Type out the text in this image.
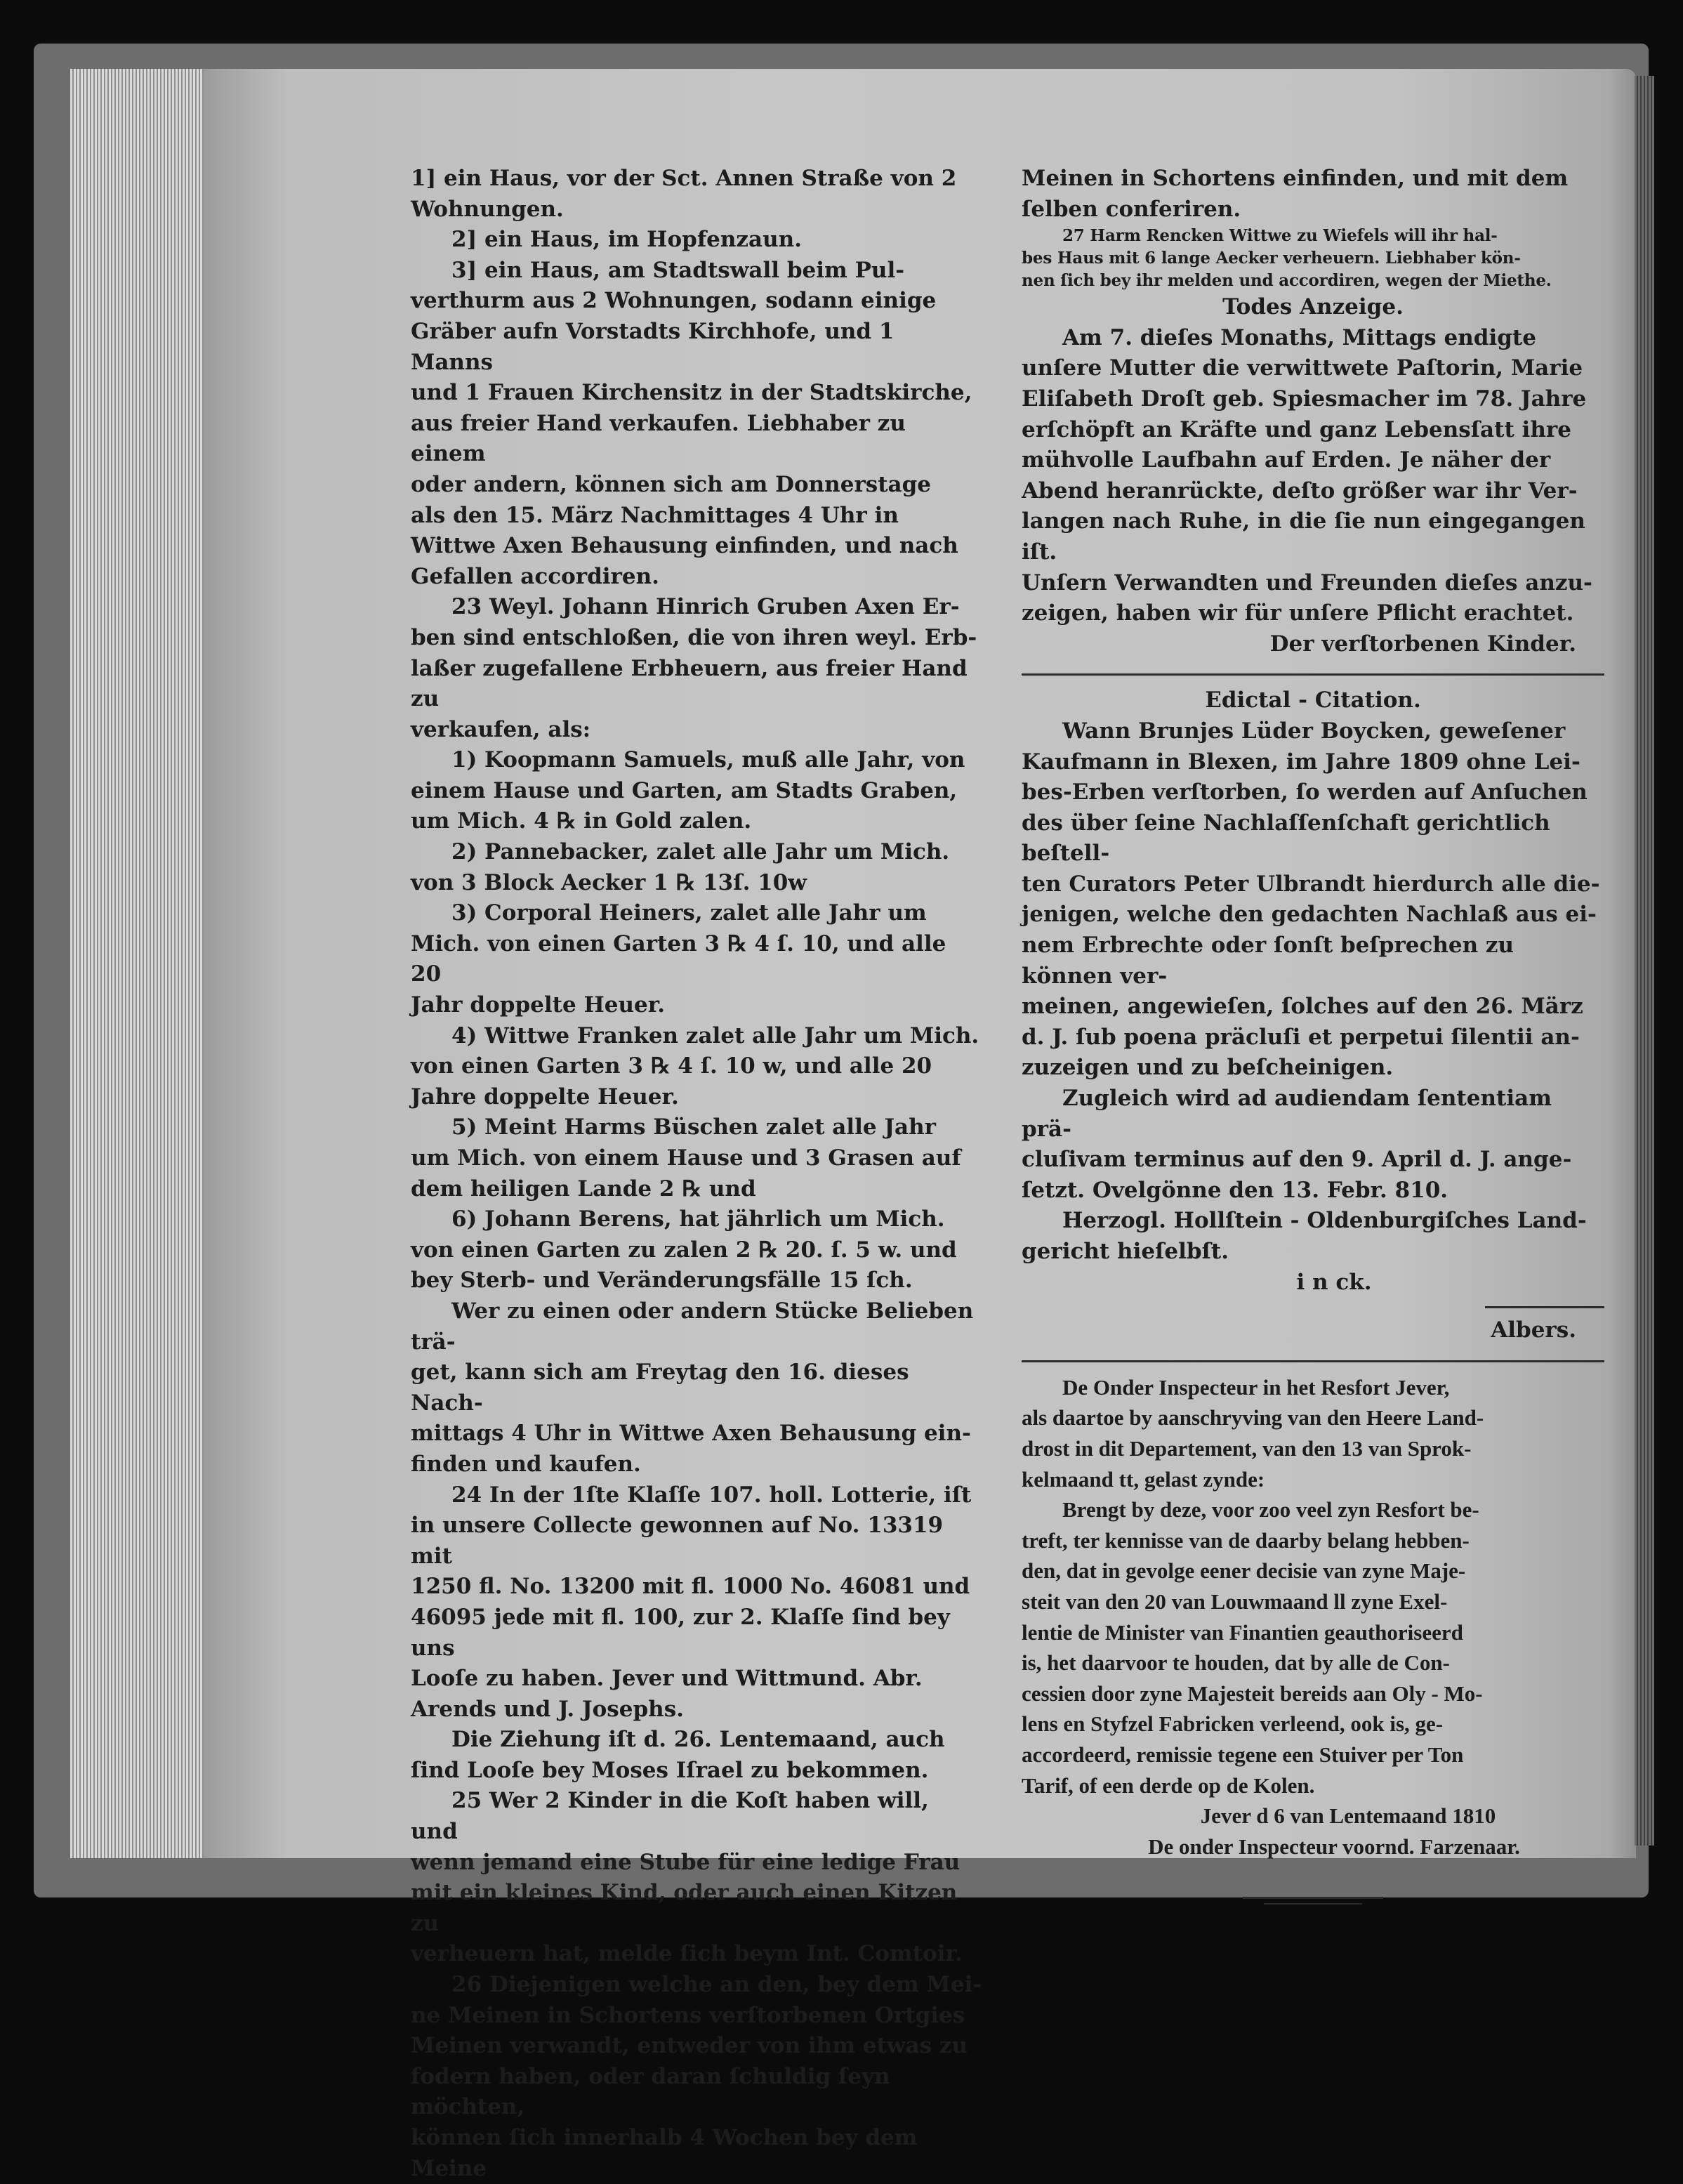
1] ein Haus, vor der Sct. Annen Straße von 2

Wohnungen.

2] ein Haus, im Hopfenzaun.

3] ein Haus, am Stadtswall beim Pul-

verthurm aus 2 Wohnungen, sodann einige

Gräber aufn Vorstadts Kirchhofe, und 1 Manns

und 1 Frauen Kirchensitz in der Stadtskirche,

aus freier Hand verkaufen. Liebhaber zu einem

oder andern, können sich am Donnerstage

als den 15. März Nachmittages 4 Uhr in

Wittwe Axen Behausung einfinden, und nach

Gefallen accordiren.

23 Weyl. Johann Hinrich Gruben Axen Er-

ben sind entschloßen, die von ihren weyl. Erb-

laßer zugefallene Erbheuern, aus freier Hand zu

verkaufen, als:

1) Koopmann Samuels, muß alle Jahr, von

einem Hause und Garten, am Stadts Graben,

um Mich. 4 ℞ in Gold zalen.

2) Pannebacker, zalet alle Jahr um Mich.

von 3 Block Aecker 1 ℞ 13ſ. 10w

3) Corporal Heiners, zalet alle Jahr um

Mich. von einen Garten 3 ℞ 4 ſ. 10, und alle 20

Jahr doppelte Heuer.

4) Wittwe Franken zalet alle Jahr um Mich.

von einen Garten 3 ℞ 4 ſ. 10 w, und alle 20

Jahre doppelte Heuer.

5) Meint Harms Büschen zalet alle Jahr

um Mich. von einem Hause und 3 Grasen auf

dem heiligen Lande 2 ℞ und

6) Johann Berens, hat jährlich um Mich.

von einen Garten zu zalen 2 ℞ 20. ſ. 5 w. und

bey Sterb- und Veränderungsfälle 15 ſch.

Wer zu einen oder andern Stücke Belieben trä-

get, kann sich am Freytag den 16. dieses Nach-

mittags 4 Uhr in Wittwe Axen Behausung ein-

finden und kaufen.

24 In der 1ſte Klaſſe 107. holl. Lotterie, iſt

in unsere Collecte gewonnen auf No. 13319 mit

1250 fl. No. 13200 mit fl. 1000 No. 46081 und

46095 jede mit fl. 100, zur 2. Klaſſe ſind bey uns

Looſe zu haben. Jever und Wittmund. Abr.

Arends und J. Josephs.

Die Ziehung iſt d. 26. Lentemaand, auch

ſind Looſe bey Moses Iſrael zu bekommen.

25 Wer 2 Kinder in die Koſt haben will, und

wenn jemand eine Stube für eine ledige Frau

mit ein kleines Kind, oder auch einen Kitzen zu

verheuern hat, melde ſich beym Int. Comtoir.

26 Diejenigen welche an den, bey dem Mei-

ne Meinen in Schortens verſtorbenen Ortgies

Meinen verwandt, entweder von ihm etwas zu

fodern haben, oder daran ſchuldig ſeyn möchten,

können ſich innerhalb 4 Wochen bey dem Meine

Meinen in Schortens einfinden, und mit dem

ſelben conferiren.

27 Harm Rencken Wittwe zu Wiefels will ihr hal-

bes Haus mit 6 lange Aecker verheuern. Liebhaber kön-

nen ſich bey ihr melden und accordiren, wegen der Miethe.

Todes Anzeige.

Am 7. dieſes Monaths, Mittags endigte

unſere Mutter die verwittwete Paſtorin, Marie

Eliſabeth Droſt geb. Spiesmacher im 78. Jahre

erſchöpft an Kräfte und ganz Lebensſatt ihre

mühvolle Laufbahn auf Erden. Je näher der

Abend heranrückte, deſto größer war ihr Ver-

langen nach Ruhe, in die ſie nun eingegangen iſt.

Unſern Verwandten und Freunden dieſes anzu-

zeigen, haben wir für unſere Pflicht erachtet.

Der verſtorbenen Kinder.

Edictal - Citation.

Wann Brunjes Lüder Boycken, geweſener

Kaufmann in Blexen, im Jahre 1809 ohne Lei-

bes-Erben verſtorben, ſo werden auf Anſuchen

des über ſeine Nachlaſſenſchaft gerichtlich beſtell-

ten Curators Peter Ulbrandt hierdurch alle die-

jenigen, welche den gedachten Nachlaß aus ei-

nem Erbrechte oder ſonſt beſprechen zu können ver-

meinen, angewieſen, ſolches auf den 26. März

d. J. ſub poena präcluſi et perpetui ſilentii an-

zuzeigen und zu beſcheinigen.

Zugleich wird ad audiendam ſententiam prä-

cluſivam terminus auf den 9. April d. J. ange-

ſetzt. Ovelgönne den 13. Febr. 810.

Herzogl. Hollſtein - Oldenburgiſches Land-

gericht hieſelbſt.

i n ck.

Albers.

De Onder Inspecteur in het Resfort Jever,

als daartoe by aanschryving van den Heere Land-

drost in dit Departement, van den 13 van Sprok-

kelmaand tt, gelast zynde:

Brengt by deze, voor zoo veel zyn Resfort be-

treft, ter kennisse van de daarby belang hebben-

den, dat in gevolge eener decisie van zyne Maje-

steit van den 20 van Louwmaand ll zyne Exel-

lentie de Minister van Finantien geauthoriseerd

is, het daarvoor te houden, dat by alle de Con-

cessien door zyne Majesteit bereids aan Oly - Mo-

lens en Styfzel Fabricken verleend, ook is, ge-

accordeerd, remissie tegene een Stuiver per Ton

Tarif, of een derde op de Kolen.

Jever d 6 van Lentemaand 1810

De onder Inspecteur voornd. Farzenaar.
